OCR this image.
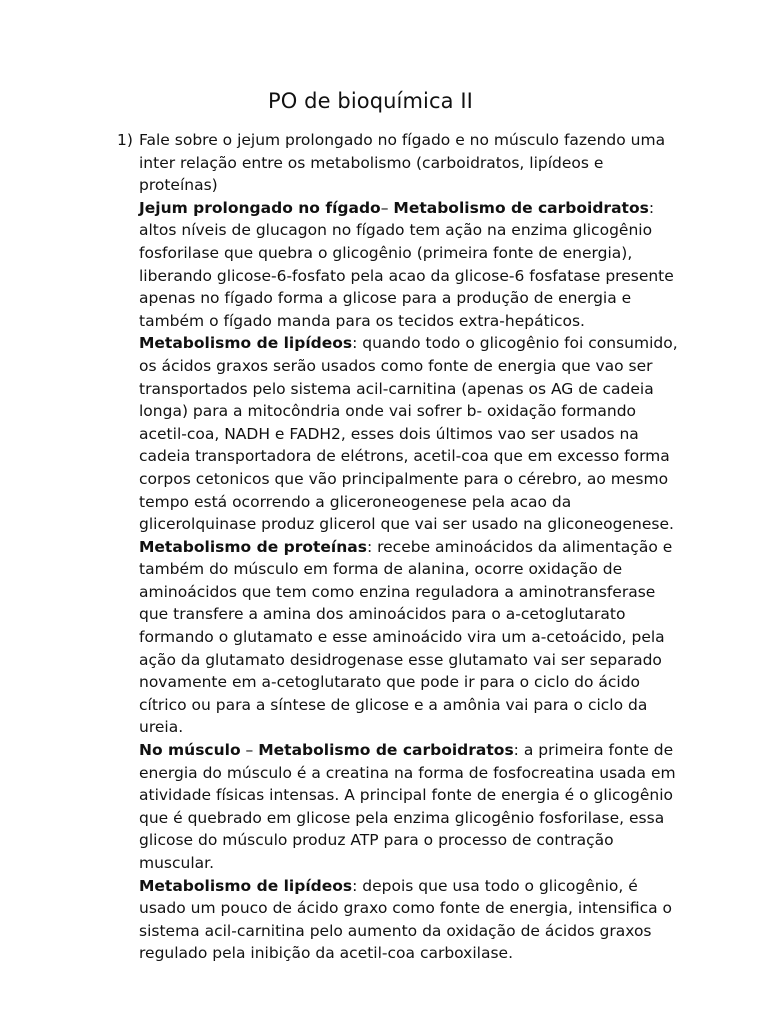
PO de bioquímica II
1) Fale sobre o jejum prolongado no fígado e no músculo fazendo uma inter relação entre os metabolismo (carboidratos, lipídeos e proteínas)

Jejum prolongado no fígado– Metabolismo de carboidratos: altos níveis de glucagon no fígado tem ação na enzima glicogênio fosforilase que quebra o glicogênio (primeira fonte de energia), liberando glicose-6-fosfato pela acao da glicose-6 fosfatase presente apenas no fígado forma a glicose para a produção de energia e também o fígado manda para os tecidos extra-hepáticos.

Metabolismo de lipídeos: quando todo o glicogênio foi consumido, os ácidos graxos serão usados como fonte de energia que vao ser transportados pelo sistema acil-carnitina (apenas os AG de cadeia longa) para a mitocôndria onde vai sofrer b- oxidação formando acetil-coa, NADH e FADH2, esses dois últimos vao ser usados na cadeia transportadora de elétrons, acetil-coa que em excesso forma corpos cetonicos que vão principalmente para o cérebro, ao mesmo tempo está ocorrendo a gliceroneogenese pela acao da glicerolquinase produz glicerol que vai ser usado na gliconeogenese.

Metabolismo de proteínas: recebe aminoácidos da alimentação e também do músculo em forma de alanina, ocorre oxidação de aminoácidos que tem como enzina reguladora a aminotransferase que transfere a amina dos aminoácidos para o a-cetoglutarato formando o glutamato e esse aminoácido vira um a-cetoácido, pela ação da glutamato desidrogenase esse glutamato vai ser separado novamente em a-cetoglutarato que pode ir para o ciclo do ácido cítrico ou para a síntese de glicose e a amônia vai para o ciclo da ureia.

No músculo – Metabolismo de carboidratos: a primeira fonte de energia do músculo é a creatina na forma de fosfocreatina usada em atividade físicas intensas. A principal fonte de energia é o glicogênio que é quebrado em glicose pela enzima glicogênio fosforilase, essa glicose do músculo produz ATP para o processo de contração muscular.

Metabolismo de lipídeos: depois que usa todo o glicogênio, é usado um pouco de ácido graxo como fonte de energia, intensifica o sistema acil-carnitina pelo aumento da oxidação de ácidos graxos regulado pela inibição da acetil-coa carboxilase.
